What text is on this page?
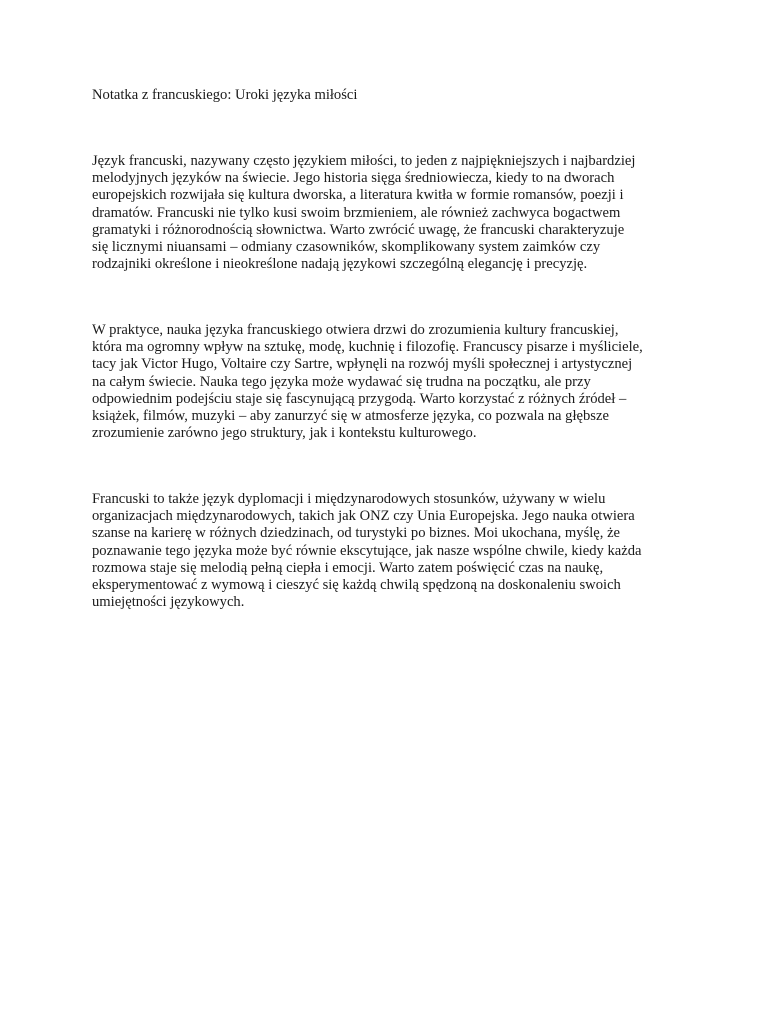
Notatka z francuskiego: Uroki języka miłości

Język francuski, nazywany często językiem miłości, to jeden z najpiękniejszych i najbardziej
melodyjnych języków na świecie. Jego historia sięga średniowiecza, kiedy to na dworach
europejskich rozwijała się kultura dworska, a literatura kwitła w formie romansów, poezji i
dramatów. Francuski nie tylko kusi swoim brzmieniem, ale również zachwyca bogactwem
gramatyki i różnorodnością słownictwa. Warto zwrócić uwagę, że francuski charakteryzuje
się licznymi niuansami – odmiany czasowników, skomplikowany system zaimków czy
rodzajniki określone i nieokreślone nadają językowi szczególną elegancję i precyzję.

W praktyce, nauka języka francuskiego otwiera drzwi do zrozumienia kultury francuskiej,
która ma ogromny wpływ na sztukę, modę, kuchnię i filozofię. Francuscy pisarze i myśliciele,
tacy jak Victor Hugo, Voltaire czy Sartre, wpłynęli na rozwój myśli społecznej i artystycznej
na całym świecie. Nauka tego języka może wydawać się trudna na początku, ale przy
odpowiednim podejściu staje się fascynującą przygodą. Warto korzystać z różnych źródeł –
książek, filmów, muzyki – aby zanurzyć się w atmosferze języka, co pozwala na głębsze
zrozumienie zarówno jego struktury, jak i kontekstu kulturowego.

Francuski to także język dyplomacji i międzynarodowych stosunków, używany w wielu
organizacjach międzynarodowych, takich jak ONZ czy Unia Europejska. Jego nauka otwiera
szanse na karierę w różnych dziedzinach, od turystyki po biznes. Moi ukochana, myślę, że
poznawanie tego języka może być równie ekscytujące, jak nasze wspólne chwile, kiedy każda
rozmowa staje się melodią pełną ciepła i emocji. Warto zatem poświęcić czas na naukę,
eksperymentować z wymową i cieszyć się każdą chwilą spędzoną na doskonaleniu swoich
umiejętności językowych.
